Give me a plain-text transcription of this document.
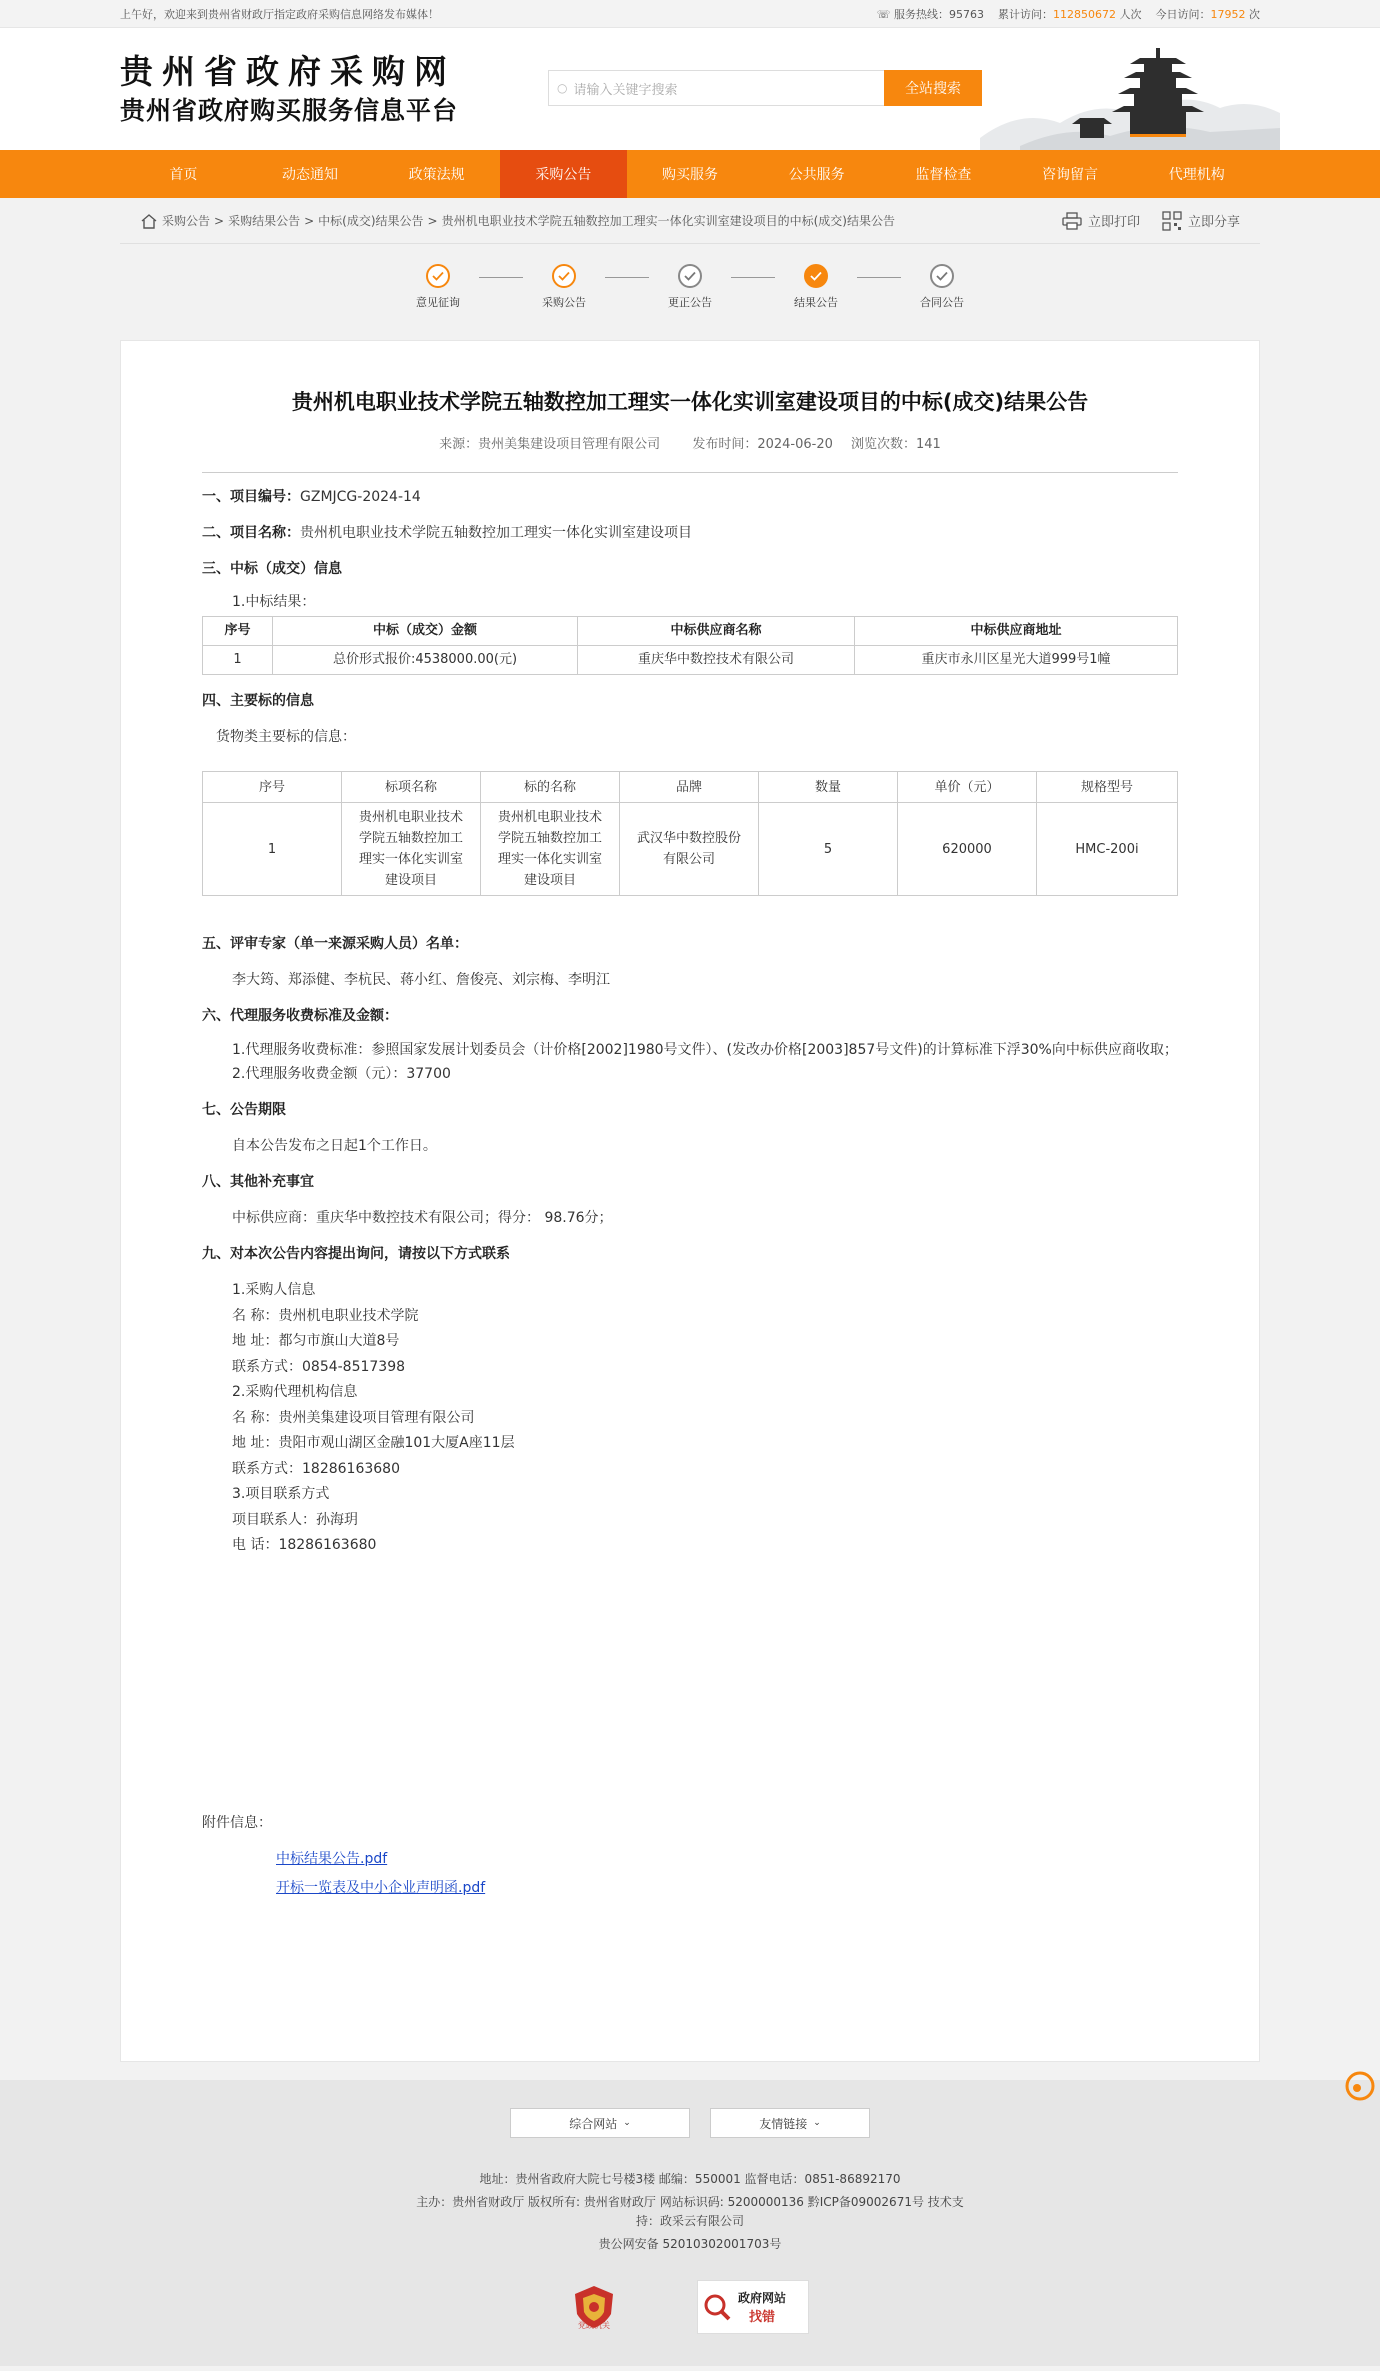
上午好，欢迎来到贵州省财政厅指定政府采购信息网络发布媒体！	☏ 服务热线：95763 累计访问：112850672 人次 今日访问：17952 次
贵州省政府采购网
贵州省政府购买服务信息平台
○ 请输入关键字搜索	全站搜索
首页	动态通知	政策法规	采购公告	购买服务	公共服务	监督检查	咨询留言	代理机构
采购公告 > 采购结果公告 > 中标(成交)结果公告 > 贵州机电职业技术学院五轴数控加工理实一体化实训室建设项目的中标(成交)结果公告	立即打印	立即分享
意见征询	采购公告	更正公告	结果公告	合同公告
贵州机电职业技术学院五轴数控加工理实一体化实训室建设项目的中标(成交)结果公告
来源：贵州美集建设项目管理有限公司 发布时间：2024-06-20 浏览次数：141
一、项目编号：GZMJCG-2024-14
二、项目名称：贵州机电职业技术学院五轴数控加工理实一体化实训室建设项目
三、中标（成交）信息
1.中标结果：
序号	中标（成交）金额	中标供应商名称	中标供应商地址
1	总价形式报价:4538000.00(元)	重庆华中数控技术有限公司	重庆市永川区星光大道999号1幢
四、主要标的信息
货物类主要标的信息：
序号	标项名称	标的名称	品牌	数量	单价（元）	规格型号
1	贵州机电职业技术学院五轴数控加工理实一体化实训室建设项目	贵州机电职业技术学院五轴数控加工理实一体化实训室建设项目	武汉华中数控股份有限公司	5	620000	HMC-200i
五、评审专家（单一来源采购人员）名单：
李大筠、郑添健、李杭民、蒋小红、詹俊亮、刘宗梅、李明江
六、代理服务收费标准及金额：
1.代理服务收费标准：参照国家发展计划委员会（计价格[2002]1980号文件）、(发改办价格[2003]857号文件)的计算标准下浮30%向中标供应商收取；
2.代理服务收费金额（元）：37700
七、公告期限
自本公告发布之日起1个工作日。
八、其他补充事宜
中标供应商：重庆华中数控技术有限公司；得分： 98.76分；
九、对本次公告内容提出询问，请按以下方式联系
1.采购人信息
名 称：贵州机电职业技术学院
地 址：都匀市旗山大道8号
联系方式：0854-8517398
2.采购代理机构信息
名 称：贵州美集建设项目管理有限公司
地 址：贵阳市观山湖区金融101大厦A座11层
联系方式：18286163680
3.项目联系方式
项目联系人：孙海玥
电 话：18286163680
附件信息：
中标结果公告.pdf
开标一览表及中小企业声明函.pdf
综合网站 ⌄	友情链接 ⌄
地址：贵州省政府大院七号楼3楼 邮编：550001 监督电话：0851-86892170
主办：贵州省财政厅 版权所有: 贵州省财政厅 网站标识码: 5200000136 黔ICP备09002671号 技术支持：政采云有限公司
贵公网安备 52010302001703号
党政机关
政府网站
找错
